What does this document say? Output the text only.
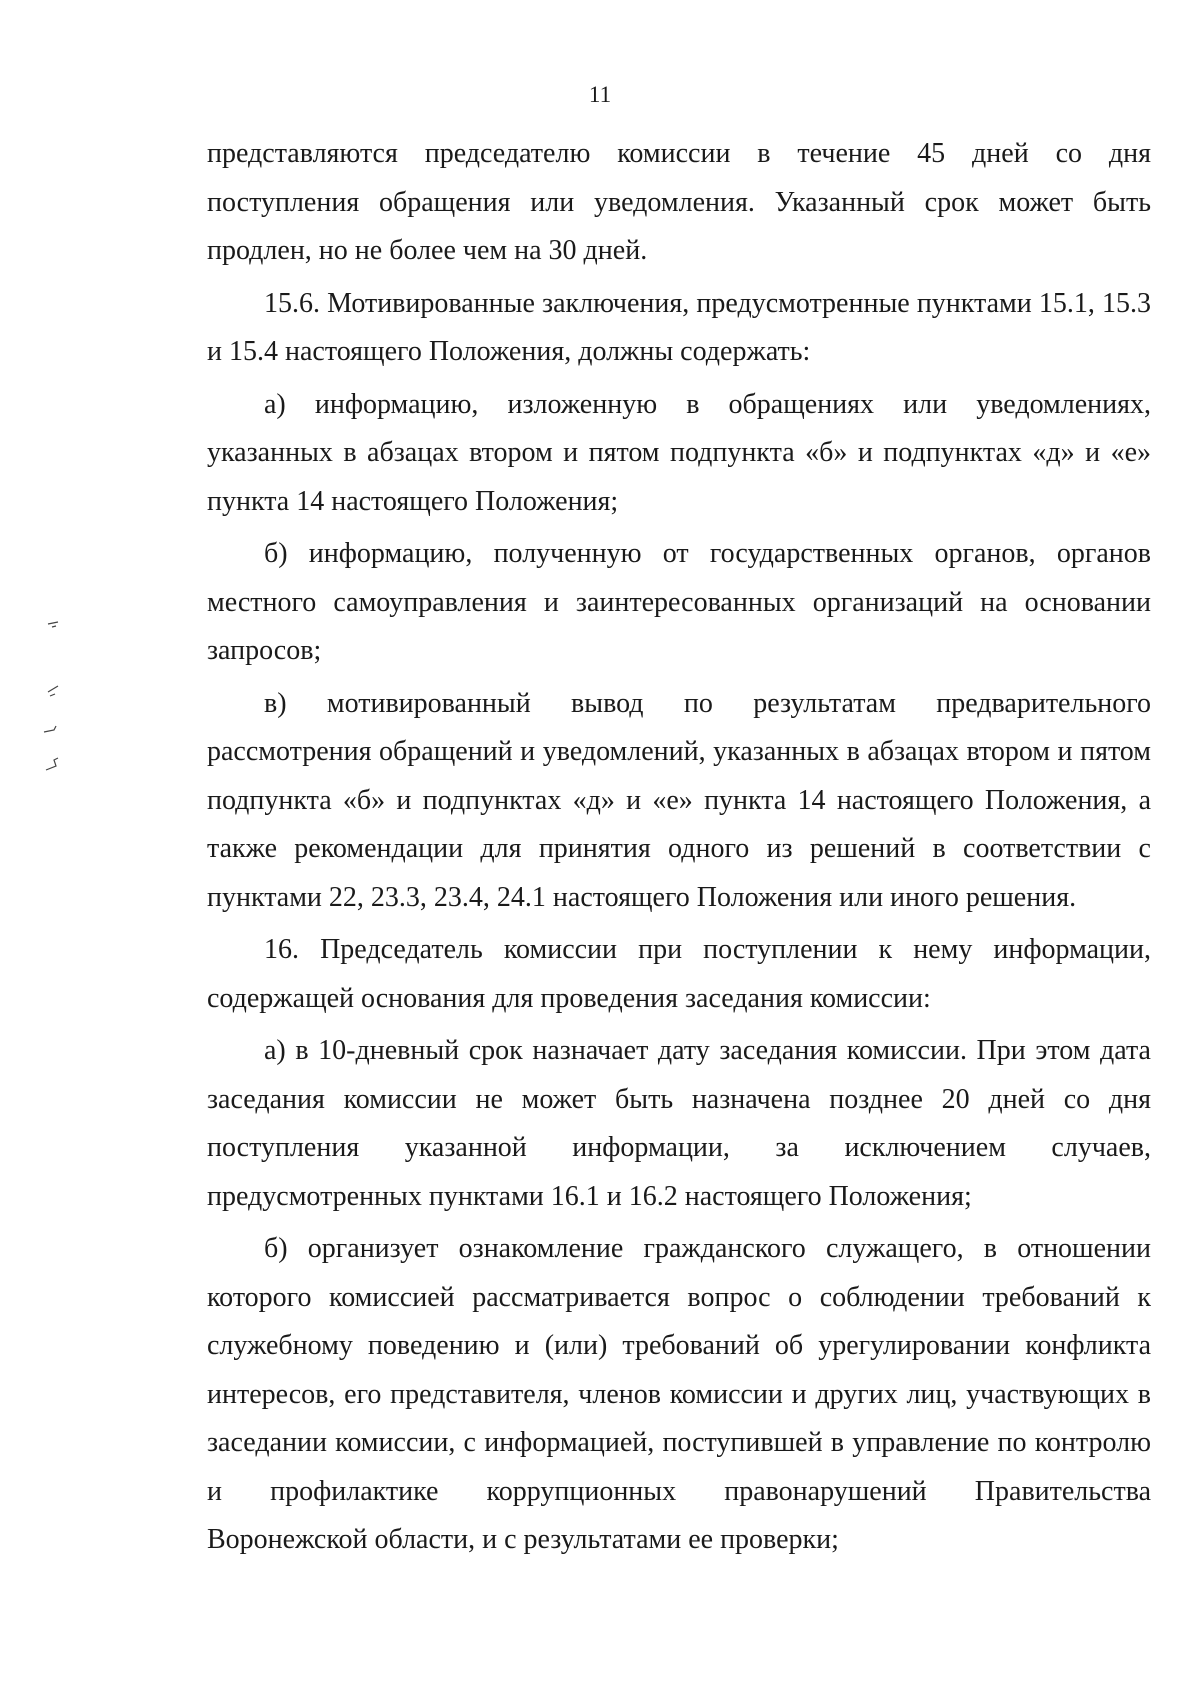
11

представляются председателю комиссии в течение 45 дней со дня поступления обращения или уведомления. Указанный срок может быть продлен, но не более чем на 30 дней.

15.6. Мотивированные заключения, предусмотренные пунктами 15.1, 15.3 и 15.4 настоящего Положения, должны содержать:

а) информацию, изложенную в обращениях или уведомлениях, указанных в абзацах втором и пятом подпункта «б» и подпунктах «д» и «е» пункта 14 настоящего Положения;

б) информацию, полученную от государственных органов, органов местного самоуправления и заинтересованных организаций на основании запросов;

в) мотивированный вывод по результатам предварительного рассмотрения обращений и уведомлений, указанных в абзацах втором и пятом подпункта «б» и подпунктах «д» и «е» пункта 14 настоящего Положения, а также рекомендации для принятия одного из решений в соответствии с пунктами 22, 23.3, 23.4, 24.1 настоящего Положения или иного решения.

16. Председатель комиссии при поступлении к нему информации, содержащей основания для проведения заседания комиссии:

а) в 10-дневный срок назначает дату заседания комиссии. При этом дата заседания комиссии не может быть назначена позднее 20 дней со дня поступления указанной информации, за исключением случаев, предусмотренных пунктами 16.1 и 16.2 настоящего Положения;

б) организует ознакомление гражданского служащего, в отношении которого комиссией рассматривается вопрос о соблюдении требований к служебному поведению и (или) требований об урегулировании конфликта интересов, его представителя, членов комиссии и других лиц, участвующих в заседании комиссии, с информацией, поступившей в управление по контролю и профилактике коррупционных правонарушений Правительства Воронежской области, и с результатами ее проверки;
